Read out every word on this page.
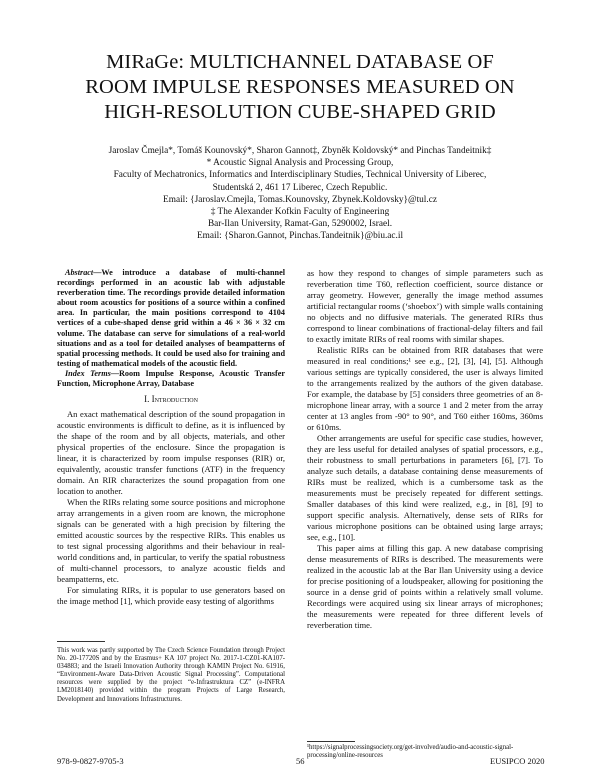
MIRaGe: MULTICHANNEL DATABASE OF
ROOM IMPULSE RESPONSES MEASURED ON
HIGH-RESOLUTION CUBE-SHAPED GRID
Jaroslav Čmejla*, Tomáš Kounovský*, Sharon Gannot‡, Zbyněk Koldovský* and Pinchas Tandeitnik‡
* Acoustic Signal Analysis and Processing Group,
Faculty of Mechatronics, Informatics and Interdisciplinary Studies, Technical University of Liberec,
Studentská 2, 461 17 Liberec, Czech Republic.
Email: {Jaroslav.Cmejla, Tomas.Kounovsky, Zbynek.Koldovsky}@tul.cz
‡ The Alexander Kofkin Faculty of Engineering
Bar-Ilan University, Ramat-Gan, 5290002, Israel.
Email: {Sharon.Gannot, Pinchas.Tandeitnik}@biu.ac.il

Abstract—We introduce a database of multi-channel recordings performed in an acoustic lab with adjustable reverberation time. The recordings provide detailed information about room acoustics for positions of a source within a confined area. In particular, the main positions correspond to 4104 vertices of a cube-shaped dense grid within a 46 × 36 × 32 cm volume. The database can serve for simulations of a real-world situations and as a tool for detailed analyses of beampatterns of spatial processing methods. It could be used also for training and testing of mathematical models of the acoustic field.

Index Terms—Room Impulse Response, Acoustic Transfer Function, Microphone Array, Database

I. Introduction

An exact mathematical description of the sound propagation in acoustic environments is difficult to define, as it is influenced by the shape of the room and by all objects, materials, and other physical properties of the enclosure. Since the propagation is linear, it is characterized by room impulse responses (RIR) or, equivalently, acoustic transfer functions (ATF) in the frequency domain. An RIR characterizes the sound propagation from one location to another.

When the RIRs relating some source positions and microphone array arrangements in a given room are known, the microphone signals can be generated with a high precision by filtering the emitted acoustic sources by the respective RIRs. This enables us to test signal processing algorithms and their behaviour in real-world conditions and, in particular, to verify the spatial robustness of multi-channel processors, to analyze acoustic fields and beampatterns, etc.

For simulating RIRs, it is popular to use generators based on the image method [1], which provide easy testing of algorithms

as how they respond to changes of simple parameters such as reverberation time T60, reflection coefficient, source distance or array geometry. However, generally the image method assumes artificial rectangular rooms (‘shoebox’) with simple walls containing no objects and no diffusive materials. The generated RIRs thus correspond to linear combinations of fractional-delay filters and fail to exactly imitate RIRs of real rooms with similar shapes.

Realistic RIRs can be obtained from RIR databases that were measured in real conditions;¹ see e.g., [2], [3], [4], [5]. Although various settings are typically considered, the user is always limited to the arrangements realized by the authors of the given database. For example, the database by [5] considers three geometries of an 8-microphone linear array, with a source 1 and 2 meter from the array center at 13 angles from -90° to 90°, and T60 either 160ms, 360ms or 610ms.

Other arrangements are useful for specific case studies, however, they are less useful for detailed analyses of spatial processors, e.g., their robustness to small perturbations in parameters [6], [7]. To analyze such details, a database containing dense measurements of RIRs must be realized, which is a cumbersome task as the measurements must be precisely repeated for different settings. Smaller databases of this kind were realized, e.g., in [8], [9] to support specific analysis. Alternatively, dense sets of RIRs for various microphone positions can be obtained using large arrays; see, e.g., [10].

This paper aims at filling this gap. A new database comprising dense measurements of RIRs is described. The measurements were realized in the acoustic lab at the Bar Ilan University using a device for precise positioning of a loudspeaker, allowing for positioning the source in a dense grid of points within a relatively small volume. Recordings were acquired using six linear arrays of microphones; the measurements were repeated for three different levels of reverberation time.

This work was partly supported by The Czech Science Foundation through Project No. 20-17720S and by the Erasmus+ KA 107 project No. 2017-1-CZ01-KA107-034883; and the Israeli Innovation Authority through KAMIN Project No. 61916, “Environment-Aware Data-Driven Acoustic Signal Processing”. Computational resources were supplied by the project “e-Infrastruktura CZ” (e-INFRA LM2018140) provided within the program Projects of Large Research, Development and Innovations Infrastructures.
¹https://signalprocessingsociety.org/get-involved/audio-and-acoustic-signal-processing/online-resources
978-9-0827-9705-3	56	EUSIPCO 2020
